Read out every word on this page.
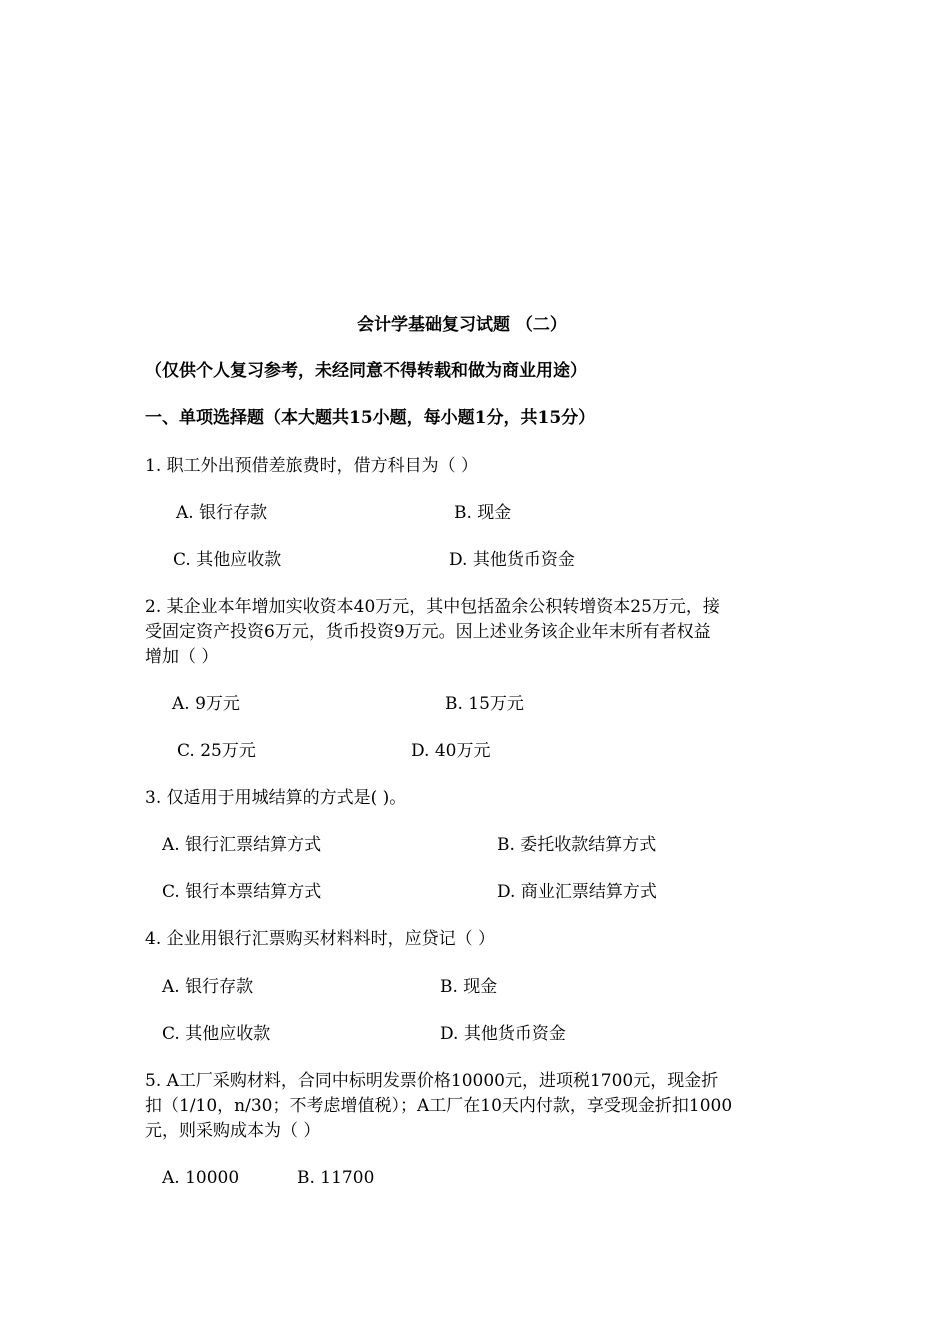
会计学基础复习试题 （二）
（仅供个人复习参考，未经同意不得转载和做为商业用途）
一、单项选择题（本大题共15小题，每小题1分，共15分）
1. 职工外出预借差旅费时，借方科目为（ ）
A. 银行存款	B. 现金
C. 其他应收款	D. 其他货币资金
2. 某企业本年增加实收资本40万元，其中包括盈余公积转增资本25万元，接
受固定资产投资6万元，货币投资9万元。因上述业务该企业年末所有者权益
增加（ ）
A. 9万元	B. 15万元
C. 25万元	D. 40万元
3. 仅适用于用城结算的方式是( )。
A. 银行汇票结算方式	B. 委托收款结算方式
C. 银行本票结算方式	D. 商业汇票结算方式
4. 企业用银行汇票购买材料料时，应贷记（ ）
A. 银行存款	B. 现金
C. 其他应收款	D. 其他货币资金
5. A工厂采购材料，合同中标明发票价格10000元，进项税1700元，现金折
扣（1/10，n/30；不考虑增值税）；A工厂在10天内付款，享受现金折扣1000
元，则采购成本为（ ）
A. 10000	B. 11700
